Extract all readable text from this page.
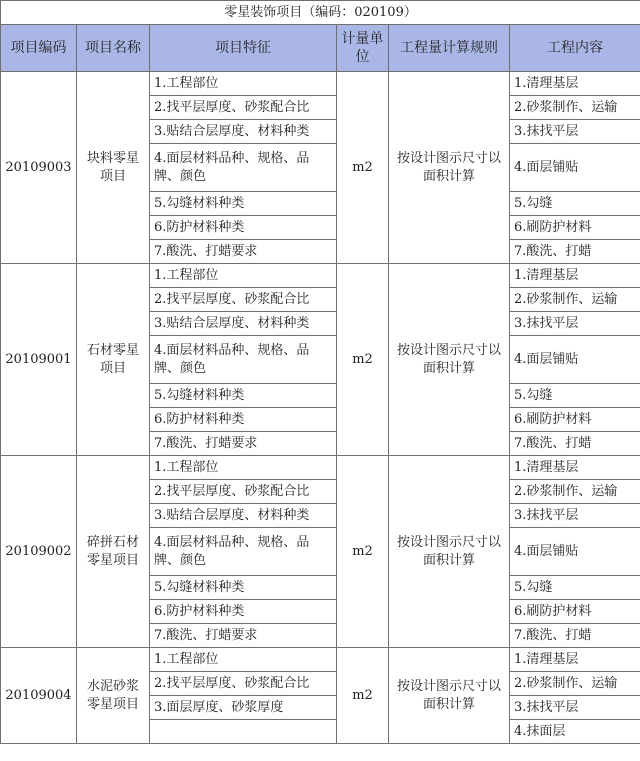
零星装饰项目（编码：020109）					
项目编码	项目名称	项目特征	计量单位	工程量计算规则	工程内容
20109003	块料零星项目	1.工程部位	m2	按设计图示尺寸以面积计算	1.清理基层
		2.找平层厚度、砂浆配合比			2.砂浆制作、运输
		3.贴结合层厚度、材料种类			3.抹找平层
		4.面层材料品种、规格、品牌、颜色			4.面层铺贴
		5.勾缝材料种类			5.勾缝
		6.防护材料种类			6.刷防护材料
		7.酸洗、打蜡要求			7.酸洗、打蜡
20109001	石材零星项目	1.工程部位	m2	按设计图示尺寸以面积计算	1.清理基层
		2.找平层厚度、砂浆配合比			2.砂浆制作、运输
		3.贴结合层厚度、材料种类			3.抹找平层
		4.面层材料品种、规格、品牌、颜色			4.面层铺贴
		5.勾缝材料种类			5.勾缝
		6.防护材料种类			6.刷防护材料
		7.酸洗、打蜡要求			7.酸洗、打蜡
20109002	碎拼石材零星项目	1.工程部位	m2	按设计图示尺寸以面积计算	1.清理基层
		2.找平层厚度、砂浆配合比			2.砂浆制作、运输
		3.贴结合层厚度、材料种类			3.抹找平层
		4.面层材料品种、规格、品牌、颜色			4.面层铺贴
		5.勾缝材料种类			5.勾缝
		6.防护材料种类			6.刷防护材料
		7.酸洗、打蜡要求			7.酸洗、打蜡
20109004	水泥砂浆零星项目	1.工程部位	m2	按设计图示尺寸以面积计算	1.清理基层
		2.找平层厚度、砂浆配合比			2.砂浆制作、运输
		3.面层厚度、砂浆厚度			3.抹找平层
					4.抹面层
